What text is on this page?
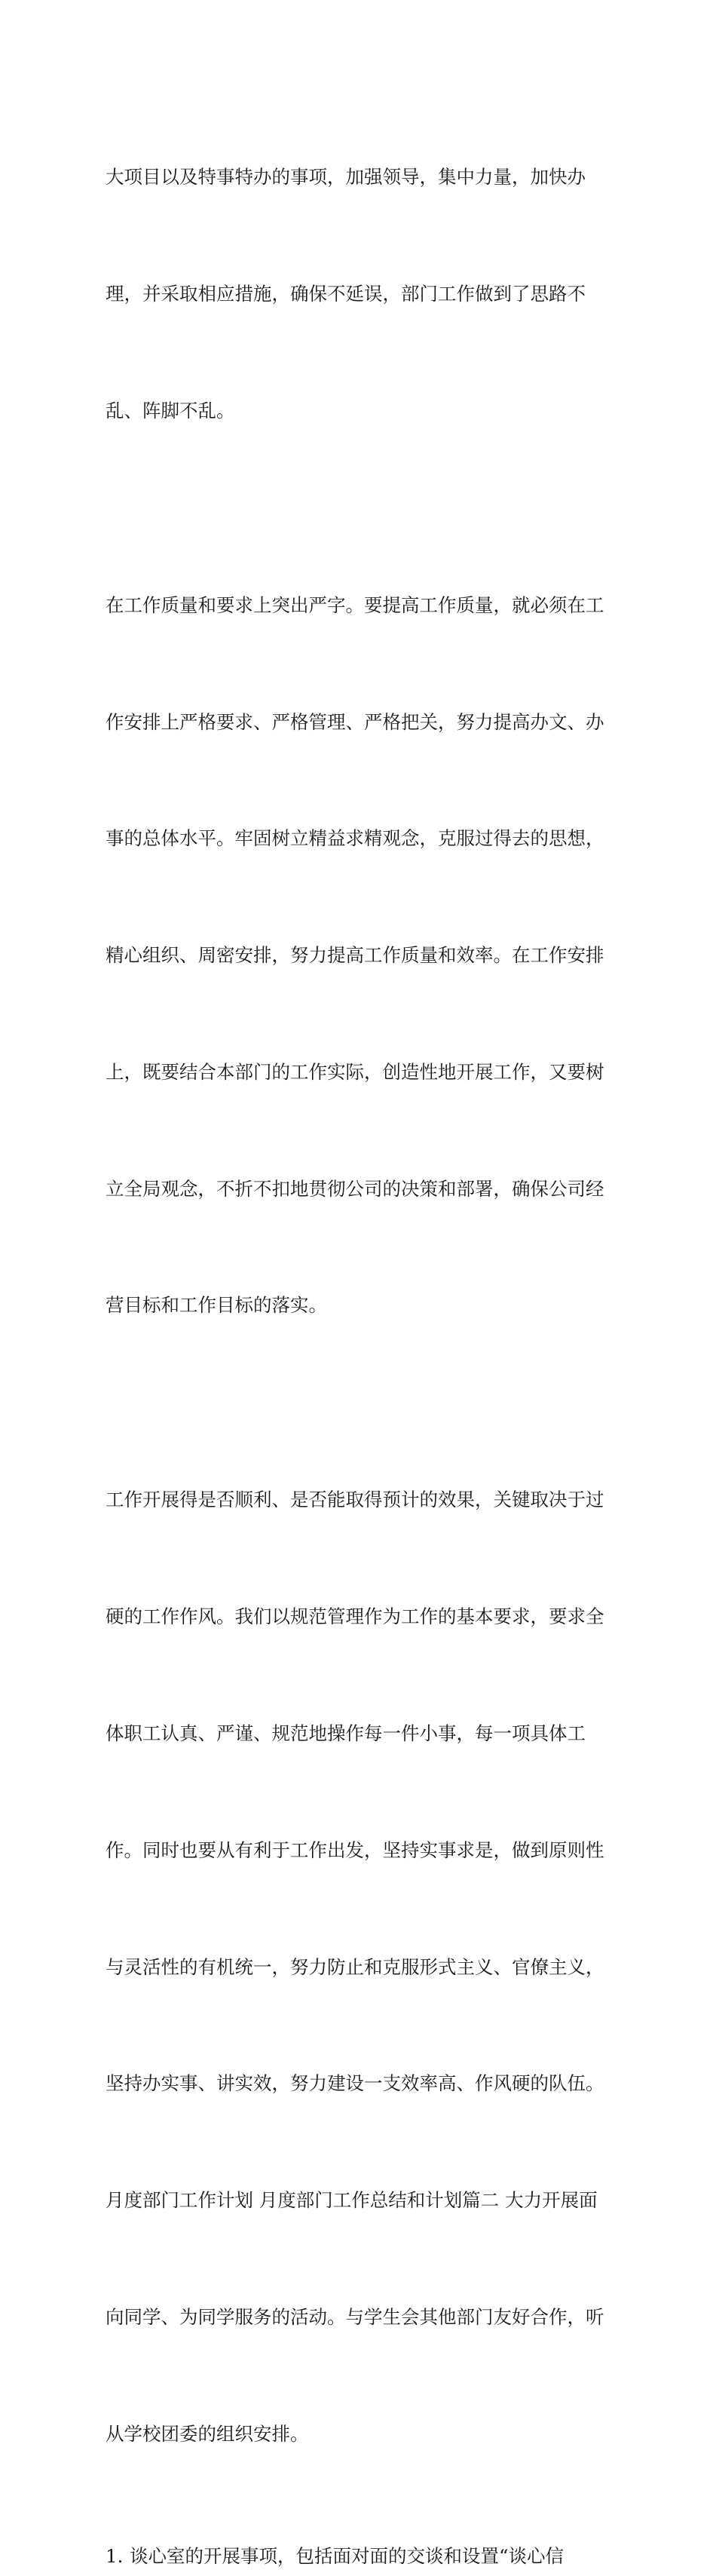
大项目以及特事特办的事项，加强领导，集中力量，加快办

理，并采取相应措施，确保不延误，部门工作做到了思路不

乱、阵脚不乱。

在工作质量和要求上突出严字。要提高工作质量，就必须在工

作安排上严格要求、严格管理、严格把关，努力提高办文、办

事的总体水平。牢固树立精益求精观念，克服过得去的思想，

精心组织、周密安排，努力提高工作质量和效率。在工作安排

上，既要结合本部门的工作实际，创造性地开展工作，又要树

立全局观念，不折不扣地贯彻公司的决策和部署，确保公司经

营目标和工作目标的落实。

工作开展得是否顺利、是否能取得预计的效果，关键取决于过

硬的工作作风。我们以规范管理作为工作的基本要求，要求全

体职工认真、严谨、规范地操作每一件小事，每一项具体工

作。同时也要从有利于工作出发，坚持实事求是，做到原则性

与灵活性的有机统一，努力防止和克服形式主义、官僚主义，

坚持办实事、讲实效，努力建设一支效率高、作风硬的队伍。

月度部门工作计划 月度部门工作总结和计划篇二 大力开展面

向同学、为同学服务的活动。与学生会其他部门友好合作，听

从学校团委的组织安排。

1. 谈心室的开展事项，包括面对面的交谈和设置“谈心信
